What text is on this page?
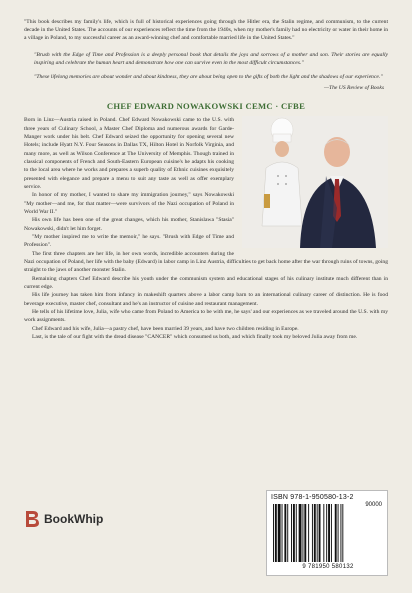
"This book describes my family's life, which is full of historical experiences going through the Hitler era, the Stalin regime, and communism, to the current decade in the United States. The accounts of our experiences reflect the time from the 1940s, when my mother's family had no electricity or water in their home in a village in Poland, to my successful career as an award-winning chef and comfortable married life in the United States."

"Brush with the Edge of Time and Profession is a deeply personal book that details the joys and sorrows of a mother and son. Their stories are equally inspiring and celebrate the human heart and demonstrate how one can survive even in the most difficult circumstances."

"These lifelong memories are about wonder and about kindness, they are about being open to the gifts of both the light and the shadows of our experience."

—The US Review of Books
CHEF EDWARD NOWAKOWSKI CEMC · CFBE

Born in Linz—Austria raised in Poland. Chef Edward Nowakowski came to the U.S. with three years of Culinary School, a Master Chef Diploma and numerous awards for Garde-Manger work under his belt. Chef Edward seized the opportunity for opening several new Hotels; include Hyatt N.Y. Four Seasons in Dallas TX, Hilton Hotel in Norfolk Virginia, and many more, as well as Wilson Conference at The University of Memphis. Though trained in classical components of French and South-Eastern European cuisine's he adapts his cooking to the local area where he works and prepares a superb quality of Ethnic cuisines exquisitely presented with elegance and prepare a menu to suit any taste as well as offer exemplary service.

In honor of my mother, I wanted to share my immigration journey," says Nowakowski "My mother—and me, for that matter—were survivors of the Nazi occupation of Poland in World War II."

His own life has been one of the great changes, which his mother, Stanislawa "Stasia" Nowakowski, didn't let him forget.

"My mother inspired me to write the memoir," he says. "Brush with Edge of Time and Profession".

The first three chapters are her life, in her own words, incredible accounters during the Nazi occupation of Poland, her life with the baby (Edward) in labor camp in Linz Austria, difficulties to get back home after the war through ruins of towns, going straight to the jaws of another monster Stalin.

Remaining chapters Chef Edward describe his youth under the communism system and educational stages of his culinary institute much different than in current edge.

His life journey has taken him from infancy in makeshift quarters above a labor camp barn to an international culinary career of distinction. He is food beverage executive, master chef, consultant and he's an instructor of cuisine and restaurant management.

He tells of his lifetime love, Julia, wife who came from Poland to America to be with me, he says' and our experiences as we traveled around the U.S. with my work assignments.

Chef Edward and his wife, Julia—a pastry chef, have been married 39 years, and have two children residing in Europe.

Last, is the tale of our fight with the dread disease "CANCER" which consumed us both, and which finally took my beloved Julia away from me.

BookWhip
ISBN 978-1-950580-13-2
90000
9 781950 580132
